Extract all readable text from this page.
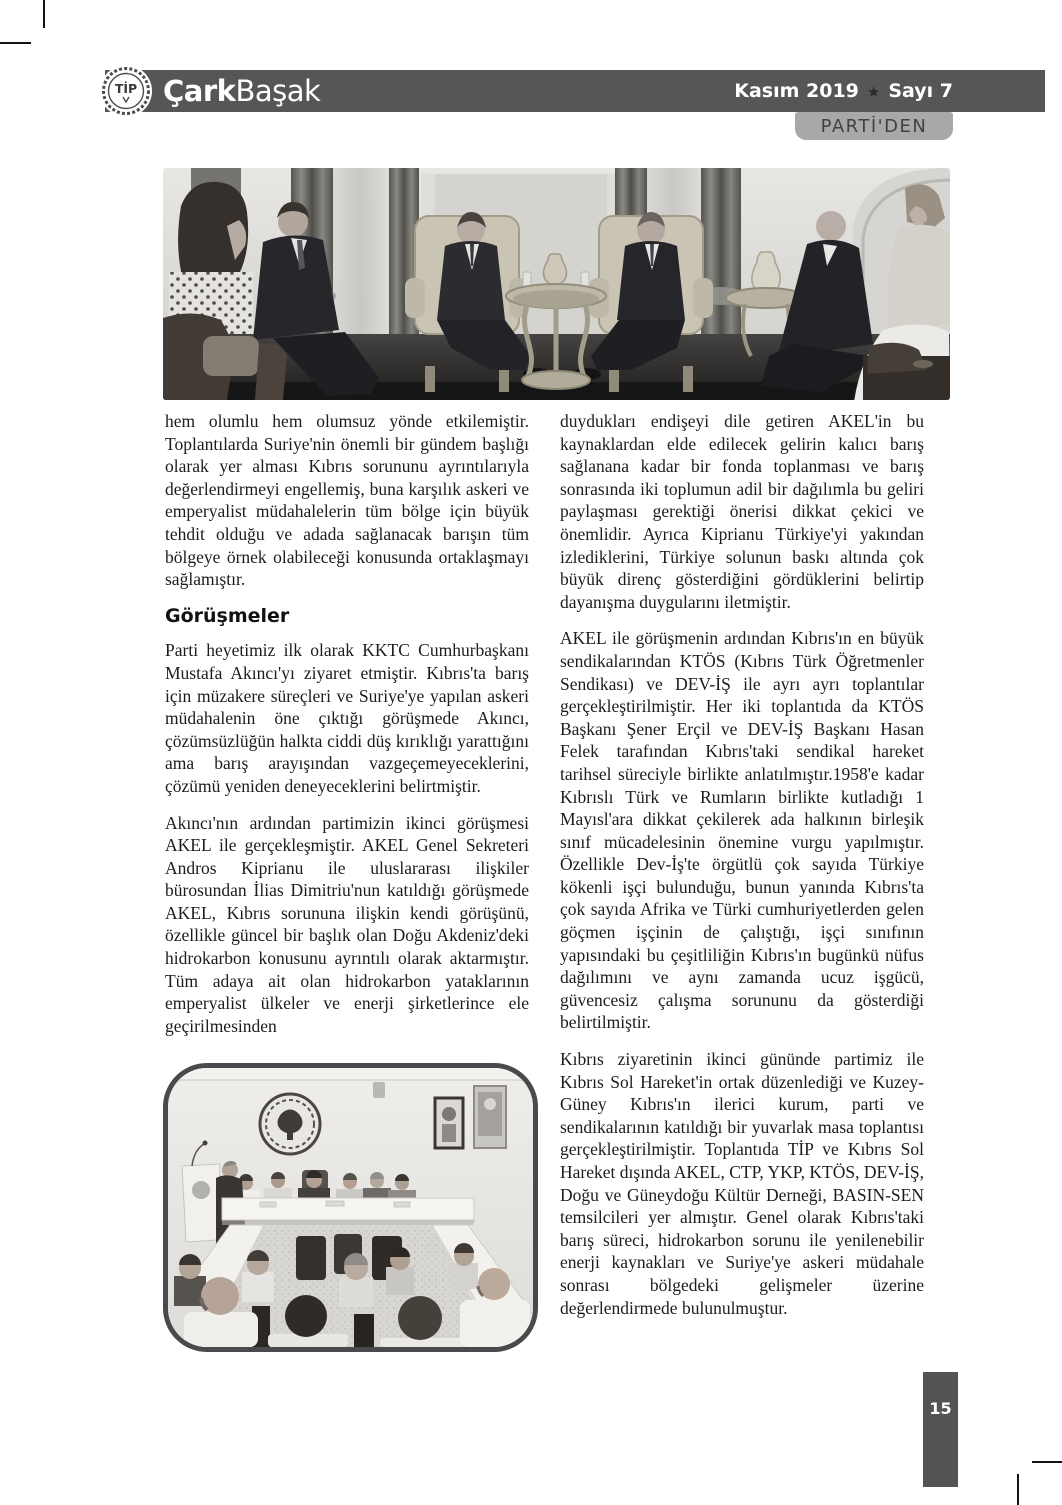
TİP ÇarkBaşak	Kasım 2019 ★ Sayı 7
PARTİ'DEN

hem olumlu hem olumsuz yönde etkilemiştir. Toplantılarda Suriye'nin önemli bir gündem başlığı olarak yer alması Kıbrıs sorununu ayrıntılarıyla değerlendirmeyi engellemiş, buna karşılık askeri ve emperyalist müdahalelerin tüm bölge için büyük tehdit olduğu ve adada sağlanacak barışın tüm bölgeye örnek olabileceği konusunda ortaklaşmayı sağlamıştır.

Görüşmeler

Parti heyetimiz ilk olarak KKTC Cumhurbaşkanı Mustafa Akıncı'yı ziyaret etmiştir. Kıbrıs'ta barış için müzakere süreçleri ve Suriye'ye yapılan askeri müdahalenin öne çıktığı görüşmede Akıncı, çözümsüzlüğün halkta ciddi düş kırıklığı yarattığını ama barış arayışından vazgeçemeyeceklerini, çözümü yeniden deneyeceklerini belirtmiştir.

Akıncı'nın ardından partimizin ikinci görüşmesi AKEL ile gerçekleşmiştir. AKEL Genel Sekreteri Andros Kiprianu ile uluslararası ilişkiler bürosundan İlias Dimitriu'nun katıldığı görüşmede AKEL, Kıbrıs sorununa ilişkin kendi görüşünü, özellikle güncel bir başlık olan Doğu Akdeniz'deki hidrokarbon konusunu ayrıntılı olarak aktarmıştır. Tüm adaya ait olan hidrokarbon yataklarının emperyalist ülkeler ve enerji şirketlerince ele geçirilmesinden

duydukları endişeyi dile getiren AKEL'in bu kaynaklardan elde edilecek gelirin kalıcı barış sağlanana kadar bir fonda toplanması ve barış sonrasında iki toplumun adil bir dağılımla bu geliri paylaşması gerektiği önerisi dikkat çekici ve önemlidir. Ayrıca Kiprianu Türkiye'yi yakından izlediklerini, Türkiye solunun baskı altında çok büyük direnç gösterdiğini gördüklerini belirtip dayanışma duygularını iletmiştir.

AKEL ile görüşmenin ardından Kıbrıs'ın en büyük sendikalarından KTÖS (Kıbrıs Türk Öğretmenler Sendikası) ve DEV-İŞ ile ayrı ayrı toplantılar gerçekleştirilmiştir. Her iki toplantıda da KTÖS Başkanı Şener Erçil ve DEV-İŞ Başkanı Hasan Felek tarafından Kıbrıs'taki sendikal hareket tarihsel süreciyle birlikte anlatılmıştır.1958'e kadar Kıbrıslı Türk ve Rumların birlikte kutladığı 1 Mayısl'ara dikkat çekilerek ada halkının birleşik sınıf mücadelesinin önemine vurgu yapılmıştır. Özellikle Dev-İş'te örgütlü çok sayıda Türkiye kökenli işçi bulunduğu, bunun yanında Kıbrıs'ta çok sayıda Afrika ve Türki cumhuriyetlerden gelen göçmen işçinin de çalıştığı, işçi sınıfının yapısındaki bu çeşitliliğin Kıbrıs'ın bugünkü nüfus dağılımını ve aynı zamanda ucuz işgücü, güvencesiz çalışma sorununu da gösterdiği belirtilmiştir.

Kıbrıs ziyaretinin ikinci gününde partimiz ile Kıbrıs Sol Hareket'in ortak düzenlediği ve Kuzey-Güney Kıbrıs'ın ilerici kurum, parti ve sendikalarının katıldığı bir yuvarlak masa toplantısı gerçekleştirilmiştir. Toplantıda TİP ve Kıbrıs Sol Hareket dışında AKEL, CTP, YKP, KTÖS, DEV-İŞ, Doğu ve Güneydoğu Kültür Derneği, BASIN-SEN temsilcileri yer almıştır. Genel olarak Kıbrıs'taki barış süreci, hidrokarbon sorunu ile yenilenebilir enerji kaynakları ve Suriye'ye askeri müdahale sonrası bölgedeki gelişmeler üzerine değerlendirmede bulunulmuştur.

15
